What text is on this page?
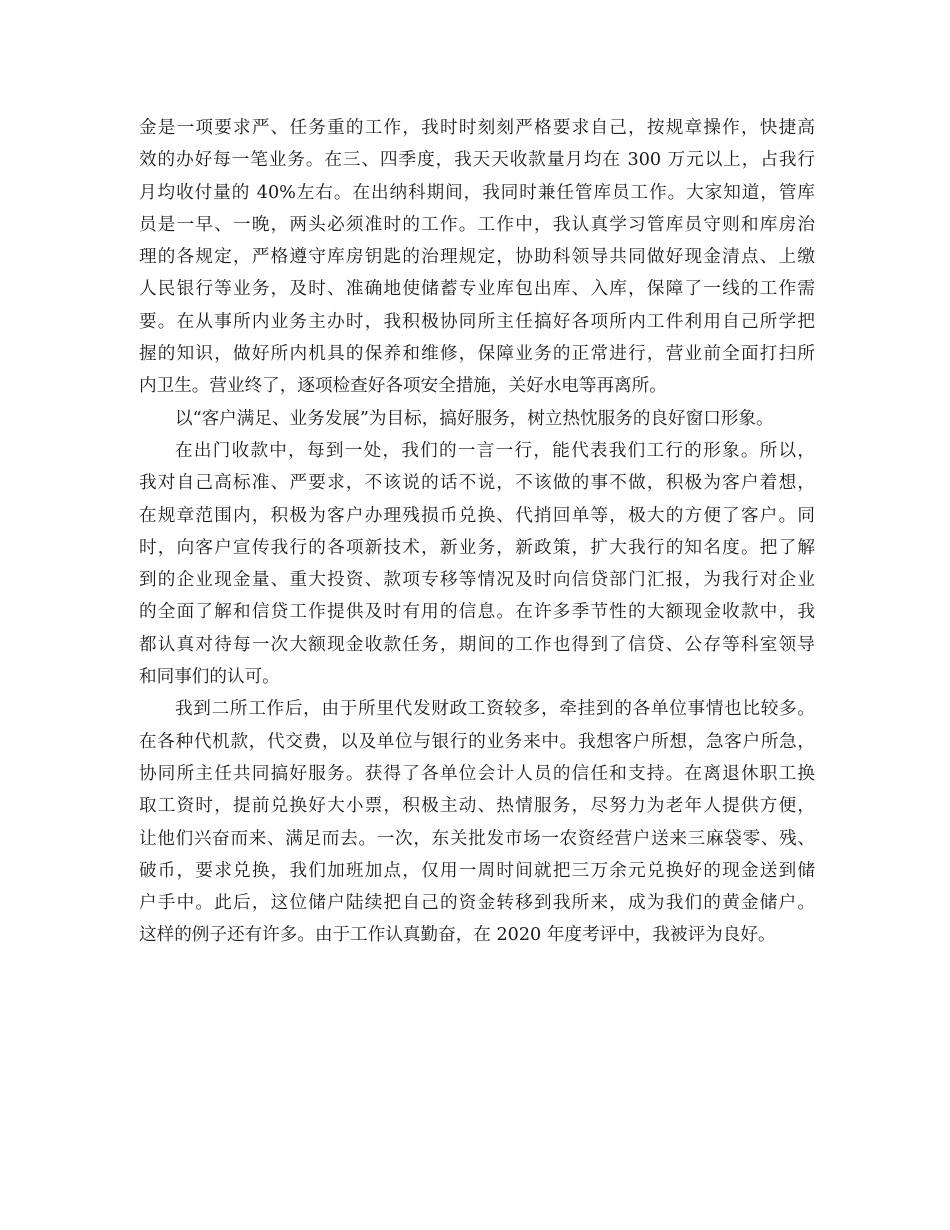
金是一项要求严、任务重的工作，我时时刻刻严格要求自己，按规章操作，快捷高
效的办好每一笔业务。在三、四季度，我天天收款量月均在 300 万元以上，占我行
月均收付量的 40%左右。在出纳科期间，我同时兼任管库员工作。大家知道，管库
员是一早、一晚，两头必须准时的工作。工作中，我认真学习管库员守则和库房治
理的各规定，严格遵守库房钥匙的治理规定，协助科领导共同做好现金清点、上缴
人民银行等业务，及时、准确地使储蓄专业库包出库、入库，保障了一线的工作需
要。在从事所内业务主办时，我积极协同所主任搞好各项所内工件利用自己所学把
握的知识，做好所内机具的保养和维修，保障业务的正常进行，营业前全面打扫所
内卫生。营业终了，逐项检查好各项安全措施，关好水电等再离所。
以“客户满足、业务发展”为目标，搞好服务，树立热忱服务的良好窗口形象。
在出门收款中，每到一处，我们的一言一行，能代表我们工行的形象。所以，
我对自己高标准、严要求，不该说的话不说，不该做的事不做，积极为客户着想，
在规章范围内，积极为客户办理残损币兑换、代捎回单等，极大的方便了客户。同
时，向客户宣传我行的各项新技术，新业务，新政策，扩大我行的知名度。把了解
到的企业现金量、重大投资、款项专移等情况及时向信贷部门汇报，为我行对企业
的全面了解和信贷工作提供及时有用的信息。在许多季节性的大额现金收款中，我
都认真对待每一次大额现金收款任务，期间的工作也得到了信贷、公存等科室领导
和同事们的认可。
我到二所工作后，由于所里代发财政工资较多，牵挂到的各单位事情也比较多。
在各种代机款，代交费，以及单位与银行的业务来中。我想客户所想，急客户所急，
协同所主任共同搞好服务。获得了各单位会计人员的信任和支持。在离退休职工换
取工资时，提前兑换好大小票，积极主动、热情服务，尽努力为老年人提供方便，
让他们兴奋而来、满足而去。一次，东关批发市场一农资经营户送来三麻袋零、残、
破币，要求兑换，我们加班加点，仅用一周时间就把三万余元兑换好的现金送到储
户手中。此后，这位储户陆续把自己的资金转移到我所来，成为我们的黄金储户。
这样的例子还有许多。由于工作认真勤奋，在 2020 年度考评中，我被评为良好。
